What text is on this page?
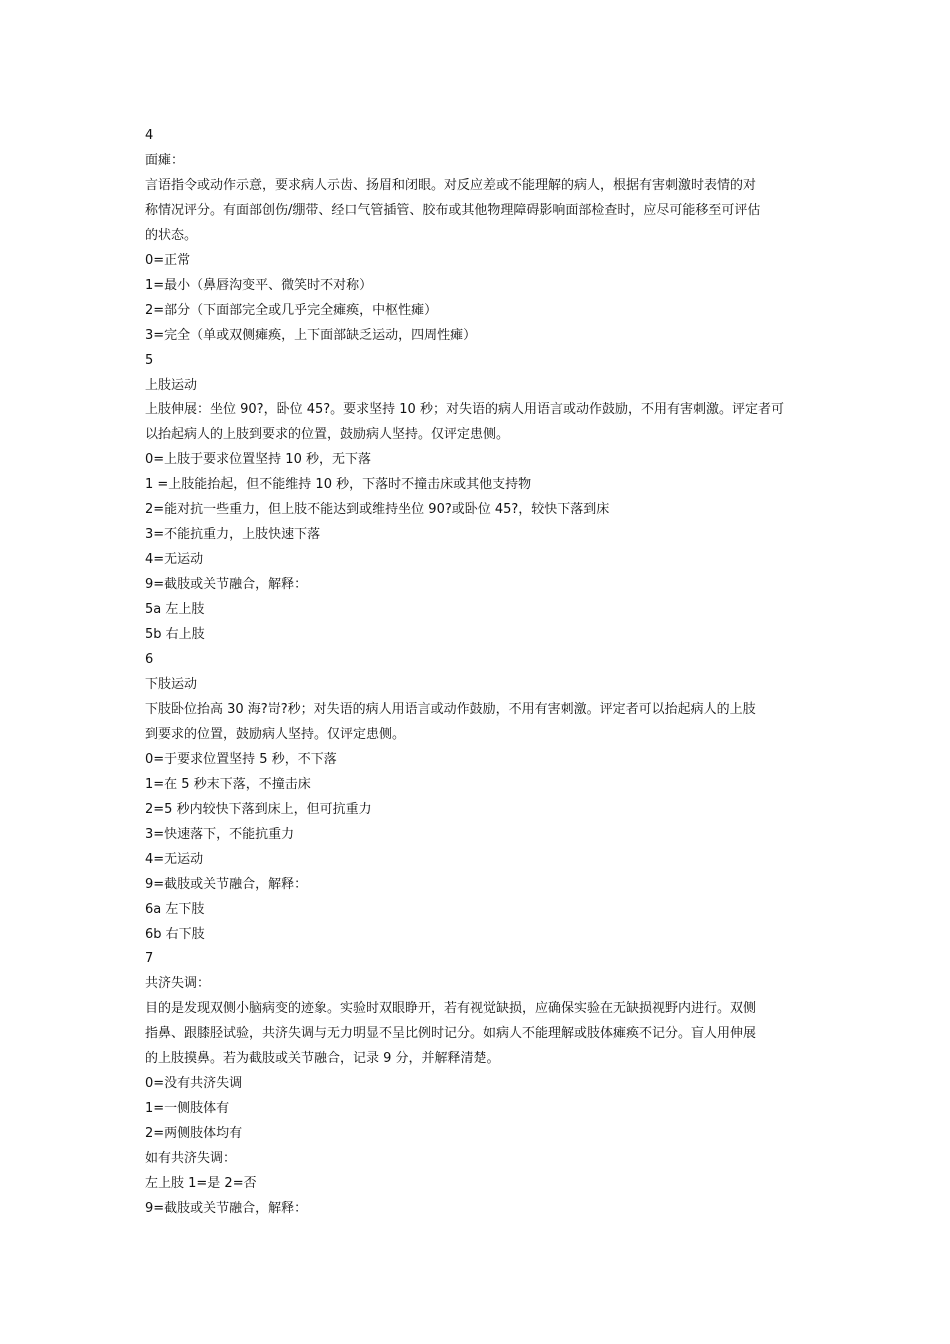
4

面瘫：

言语指令或动作示意，要求病人示齿、扬眉和闭眼。对反应差或不能理解的病人，根据有害刺激时表情的对
称情况评分。有面部创伤/绷带、经口气管插管、胶布或其他物理障碍影响面部检查时，应尽可能移至可评估
的状态。

0=正常

1=最小（鼻唇沟变平、微笑时不对称）

2=部分（下面部完全或几乎完全瘫痪，中枢性瘫）

3=完全（单或双侧瘫痪，上下面部缺乏运动，四周性瘫）

5

上肢运动

上肢伸展：坐位 90?，卧位 45?。要求坚持 10 秒；对失语的病人用语言或动作鼓励，不用有害刺激。评定者可
以抬起病人的上肢到要求的位置，鼓励病人坚持。仅评定患侧。

0=上肢于要求位置坚持 10 秒，无下落

1 =上肢能抬起，但不能维持 10 秒，下落时不撞击床或其他支持物

2=能对抗一些重力，但上肢不能达到或维持坐位 90?或卧位 45?，较快下落到床

3=不能抗重力，上肢快速下落

4=无运动

9=截肢或关节融合，解释：

5a 左上肢

5b 右上肢

6

下肢运动

下肢卧位抬高 30 海?岢?秒；对失语的病人用语言或动作鼓励，不用有害刺激。评定者可以抬起病人的上肢
到要求的位置，鼓励病人坚持。仅评定患侧。

0=于要求位置坚持 5 秒，不下落

1=在 5 秒末下落，不撞击床

2=5 秒内较快下落到床上，但可抗重力

3=快速落下，不能抗重力

4=无运动

9=截肢或关节融合，解释：

6a 左下肢

6b 右下肢

7

共济失调：

目的是发现双侧小脑病变的迹象。实验时双眼睁开，若有视觉缺损，应确保实验在无缺损视野内进行。双侧
指鼻、跟膝胫试验，共济失调与无力明显不呈比例时记分。如病人不能理解或肢体瘫痪不记分。盲人用伸展
的上肢摸鼻。若为截肢或关节融合，记录 9 分，并解释清楚。

0=没有共济失调

1=一侧肢体有

2=两侧肢体均有

如有共济失调：

左上肢 1=是 2=否

9=截肢或关节融合，解释：
